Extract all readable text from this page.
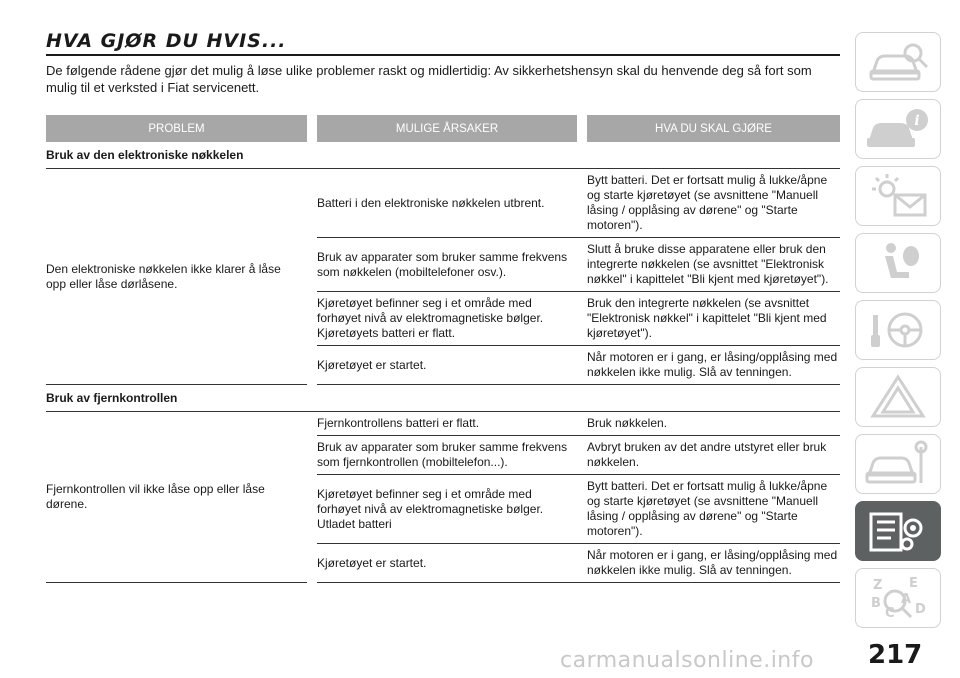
HVA GJØR DU HVIS...

De følgende rådene gjør det mulig å løse ulike problemer raskt og midlertidig: Av sikkerhetshensyn skal du henvende deg så fort som mulig til et verksted i Fiat servicenett.

PROBLEM		MULIGE ÅRSAKER		HVA DU SKAL GJØRE
Bruk av den elektroniske nøkkelen				
Den elektroniske nøkkelen ikke klarer å låse opp eller låse dørlåsene.		Batteri i den elektroniske nøkkelen utbrent.		Bytt batteri. Det er fortsatt mulig å lukke/åpne og starte kjøretøyet (se avsnittene "Manuell låsing / opplåsing av dørene" og "Starte motoren").
		Bruk av apparater som bruker samme frekvens som nøkkelen (mobiltelefoner osv.).		Slutt å bruke disse apparatene eller bruk den integrerte nøkkelen (se avsnittet "Elektronisk nøkkel" i kapittelet "Bli kjent med kjøretøyet").
		Kjøretøyet befinner seg i et område med forhøyet nivå av elektromagnetiske bølger. Kjøretøyets batteri er flatt.		Bruk den integrerte nøkkelen (se avsnittet "Elektronisk nøkkel" i kapittelet "Bli kjent med kjøretøyet").
		Kjøretøyet er startet.		Når motoren er i gang, er låsing/opplåsing med nøkkelen ikke mulig. Slå av tenningen.
Bruk av fjernkontrollen				
Fjernkontrollen vil ikke låse opp eller låse dørene.		Fjernkontrollens batteri er flatt.		Bruk nøkkelen.
		Bruk av apparater som bruker samme frekvens som fjernkontrollen (mobiltelefon...).		Avbryt bruken av det andre utstyret eller bruk nøkkelen.
		Kjøretøyet befinner seg i et område med forhøyet nivå av elektromagnetiske bølger. Utladet batteri		Bytt batteri. Det er fortsatt mulig å lukke/åpne og starte kjøretøyet (se avsnittene "Manuell låsing / opplåsing av dørene" og "Starte motoren").
		Kjøretøyet er startet.		Når motoren er i gang, er låsing/opplåsing med nøkkelen ikke mulig. Slå av tenningen.
i
Z E
B A
C D
217
carmanualsonline.info
